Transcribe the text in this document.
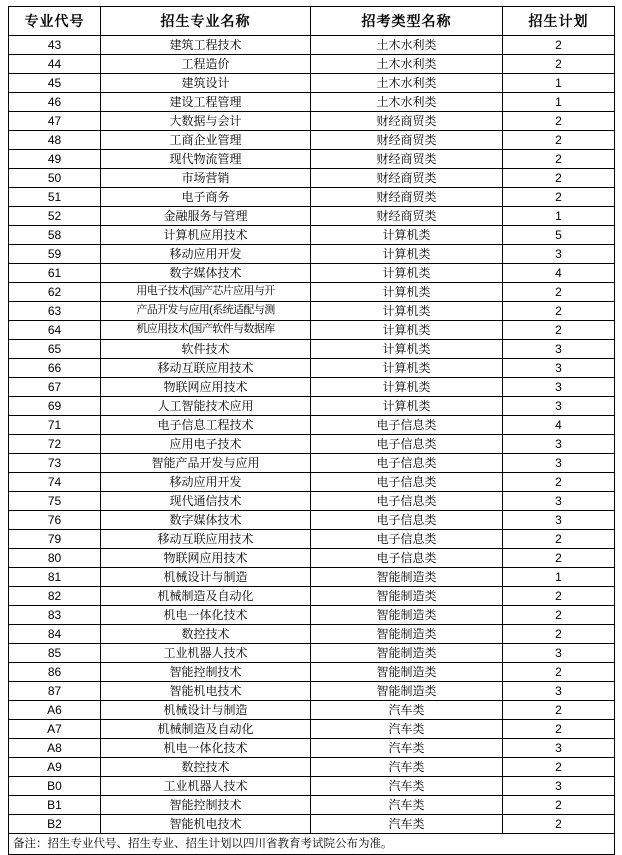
专业代号	招生专业名称	招考类型名称	招生计划
43	建筑工程技术	土木水利类	2
44	工程造价	土木水利类	2
45	建筑设计	土木水利类	1
46	建设工程管理	土木水利类	1
47	大数据与会计	财经商贸类	2
48	工商企业管理	财经商贸类	2
49	现代物流管理	财经商贸类	2
50	市场营销	财经商贸类	2
51	电子商务	财经商贸类	2
52	金融服务与管理	财经商贸类	1
58	计算机应用技术	计算机类	5
59	移动应用开发	计算机类	3
61	数字媒体技术	计算机类	4
62	用电子技术(国产芯片应用与开	计算机类	2
63	产品开发与应用(系统适配与测	计算机类	2
64	机应用技术(国产软件与数据库	计算机类	2
65	软件技术	计算机类	3
66	移动互联应用技术	计算机类	3
67	物联网应用技术	计算机类	3
69	人工智能技术应用	计算机类	3
71	电子信息工程技术	电子信息类	4
72	应用电子技术	电子信息类	3
73	智能产品开发与应用	电子信息类	3
74	移动应用开发	电子信息类	2
75	现代通信技术	电子信息类	3
76	数字媒体技术	电子信息类	3
79	移动互联应用技术	电子信息类	2
80	物联网应用技术	电子信息类	2
81	机械设计与制造	智能制造类	1
82	机械制造及自动化	智能制造类	2
83	机电一体化技术	智能制造类	2
84	数控技术	智能制造类	2
85	工业机器人技术	智能制造类	3
86	智能控制技术	智能制造类	2
87	智能机电技术	智能制造类	3
A6	机械设计与制造	汽车类	2
A7	机械制造及自动化	汽车类	2
A8	机电一体化技术	汽车类	3
A9	数控技术	汽车类	2
B0	工业机器人技术	汽车类	3
B1	智能控制技术	汽车类	2
B2	智能机电技术	汽车类	2
备注：招生专业代号、招生专业、招生计划以四川省教育考试院公布为准。			
